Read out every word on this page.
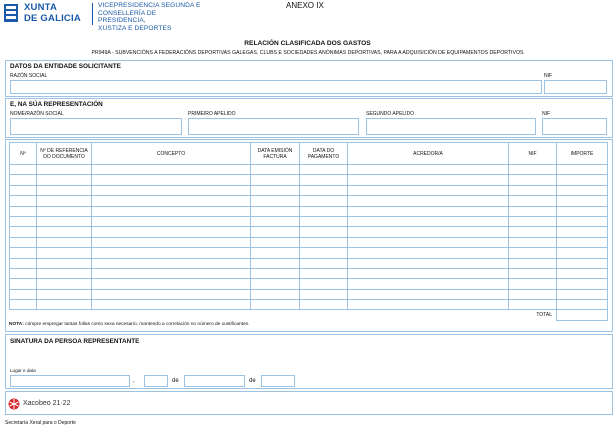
XUNTA
DE GALICIA
VICEPRESIDENCIA SEGUNDA E
CONSELLERÍA DE PRESIDENCIA,
XUSTIZA E DEPORTES
ANEXO IX
RELACIÓN CLASIFICADA DOS GASTOS
PR949A - SUBVENCIÓNS A FEDERACIÓNS DEPORTIVAS GALEGAS, CLUBS E SOCIEDADES ANÓNIMAS DEPORTIVAS, PARA A ADQUISICIÓN DE EQUIPAMENTOS DEPORTIVOS
DATOS DA ENTIDADE SOLICITANTE
RAZÓN SOCIAL	NIF
E, NA SÚA REPRESENTACIÓN
NOME/RAZÓN SOCIAL	PRIMEIRO APELIDO	SEGUNDO APELIDO	NIF
Nº	Nº DE REFERENCIA DO DOCUMENTO	CONCEPTO	DATA EMISIÓN FACTURA	DATA DO PAGAMENTO	ACREDOR/A	NIF	IMPORTE

						TOTAL	
NOTA: cómpre empregar tantas follas como sexa necesario, mantendo a correlación no número de xustificantes.
SINATURA DA PERSOA REPRESENTANTE
Lugar e data
,	de	de
Xacobeo 21·22
Secretaría Xeral para o Deporte
